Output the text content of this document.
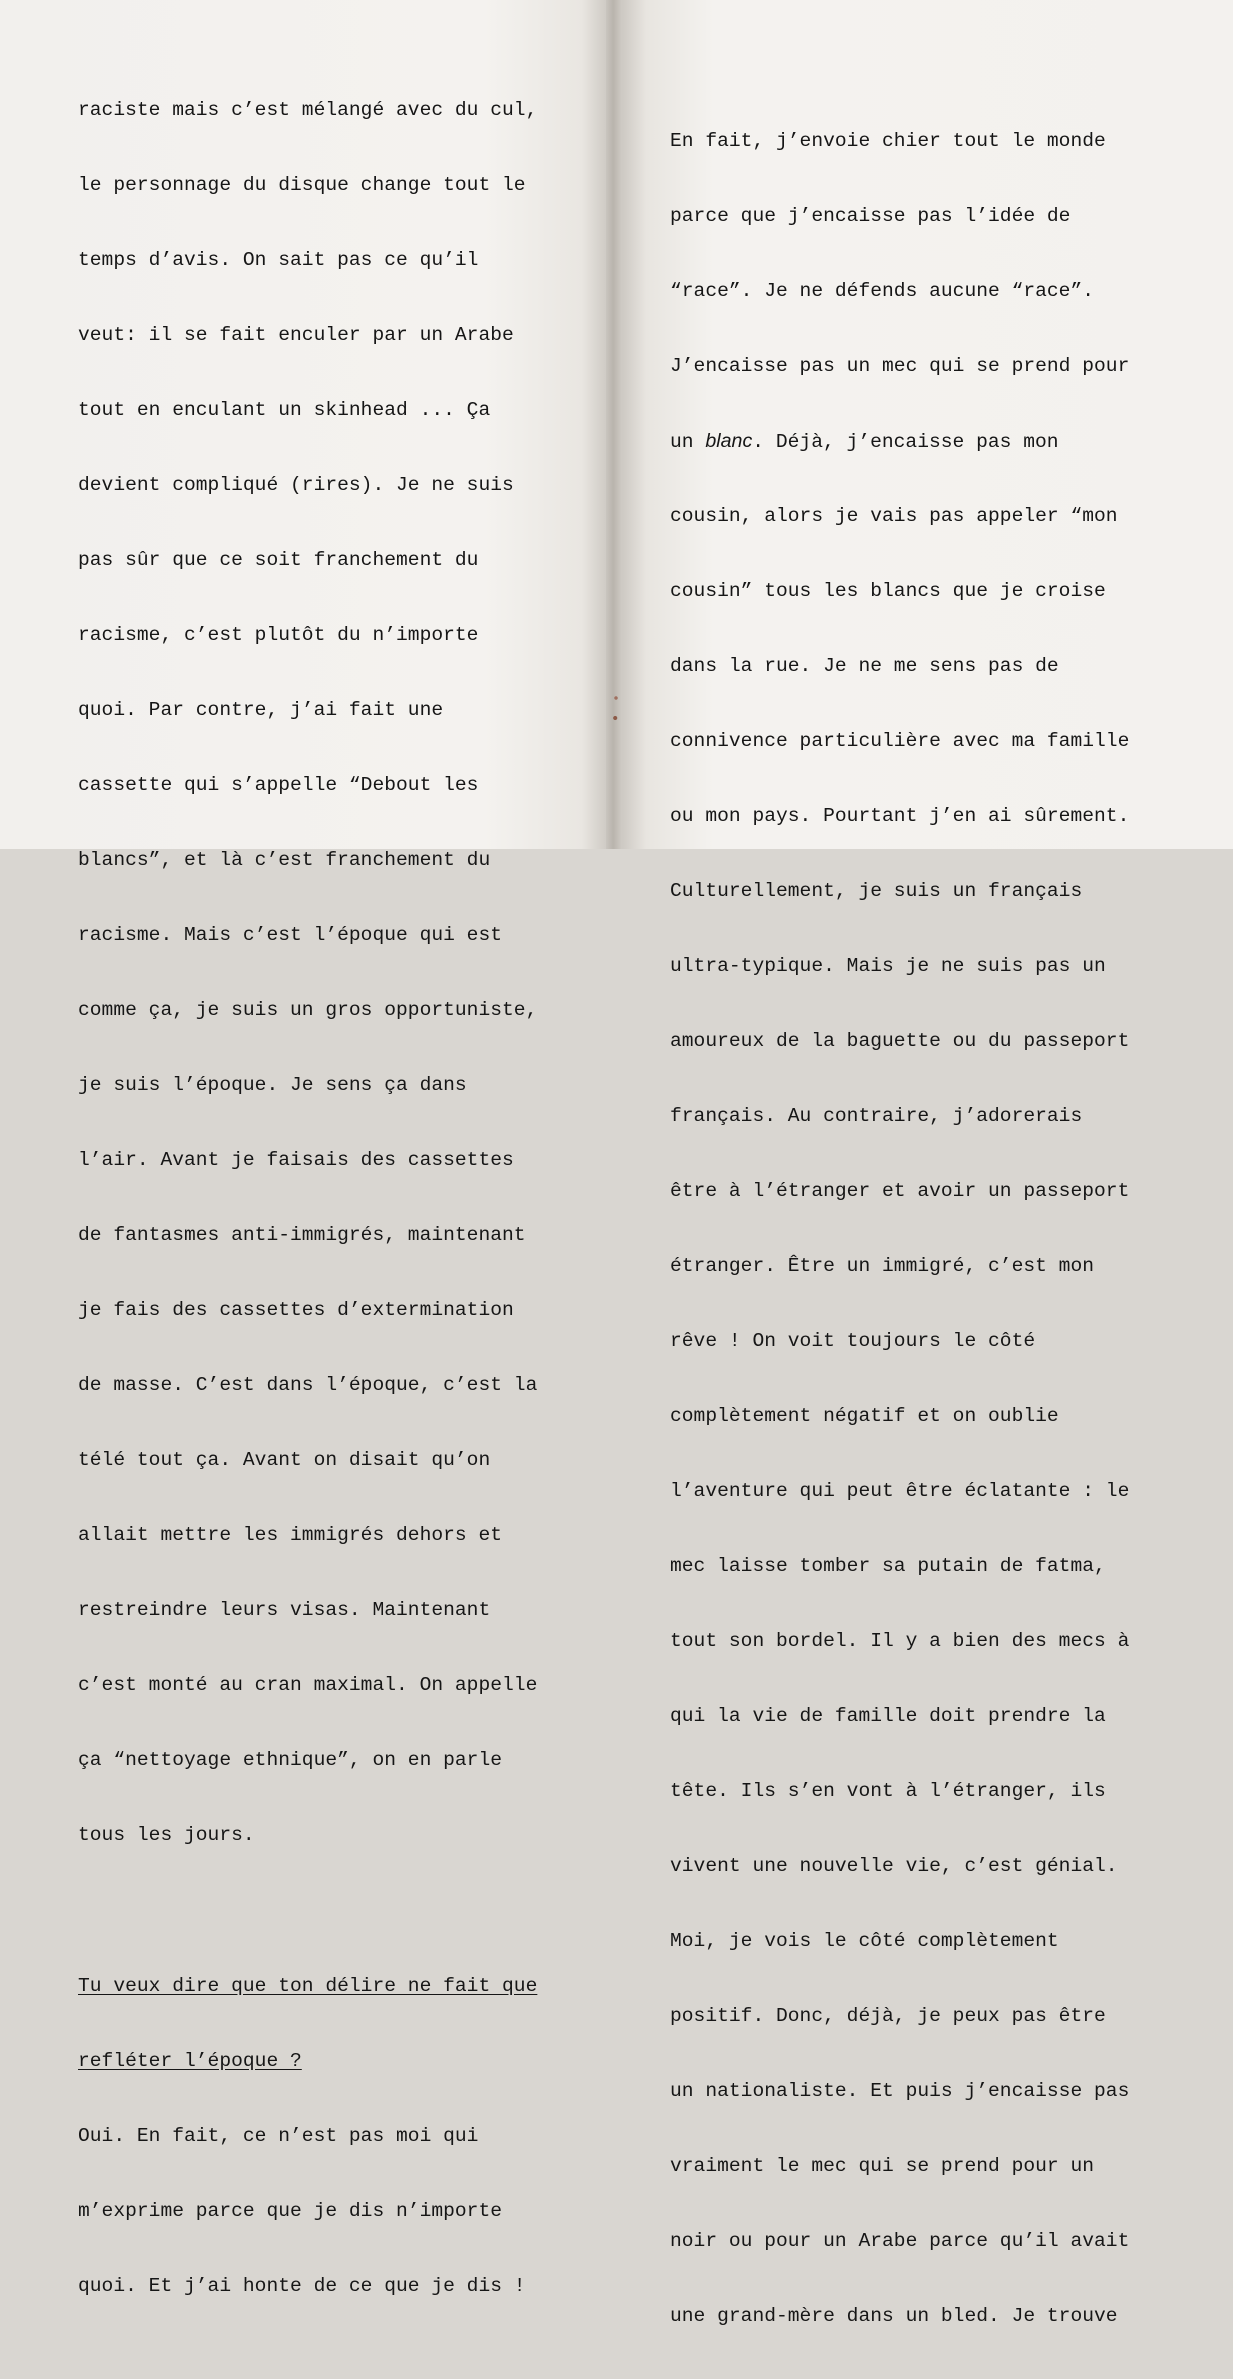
raciste mais c’est mélangé avec du cul,

le personnage du disque change tout le

temps d’avis. On sait pas ce qu’il

veut: il se fait enculer par un Arabe

tout en enculant un skinhead ... Ça

devient compliqué (rires). Je ne suis

pas sûr que ce soit franchement du

racisme, c’est plutôt du n’importe

quoi. Par contre, j’ai fait une

cassette qui s’appelle “Debout les

blancs”, et là c’est franchement du

racisme. Mais c’est l’époque qui est

comme ça, je suis un gros opportuniste,

je suis l’époque. Je sens ça dans

l’air. Avant je faisais des cassettes

de fantasmes anti-immigrés, maintenant

je fais des cassettes d’extermination

de masse. C’est dans l’époque, c’est la

télé tout ça. Avant on disait qu’on

allait mettre les immigrés dehors et

restreindre leurs visas. Maintenant

c’est monté au cran maximal. On appelle

ça “nettoyage ethnique”, on en parle

tous les jours.

Tu veux dire que ton délire ne fait que

refléter l’époque ?

Oui. En fait, ce n’est pas moi qui

m’exprime parce que je dis n’importe

quoi. Et j’ai honte de ce que je dis !

En fait, j’envoie chier tout le monde

parce que j’encaisse pas l’idée de

“race”. Je ne défends aucune “race”.

J’encaisse pas un mec qui se prend pour

un blanc. Déjà, j’encaisse pas mon

cousin, alors je vais pas appeler “mon

cousin” tous les blancs que je croise

dans la rue. Je ne me sens pas de

connivence particulière avec ma famille

ou mon pays. Pourtant j’en ai sûrement.

Culturellement, je suis un français

ultra-typique. Mais je ne suis pas un

amoureux de la baguette ou du passeport

français. Au contraire, j’adorerais

être à l’étranger et avoir un passeport

étranger. Être un immigré, c’est mon

rêve ! On voit toujours le côté

complètement négatif et on oublie

l’aventure qui peut être éclatante : le

mec laisse tomber sa putain de fatma,

tout son bordel. Il y a bien des mecs à

qui la vie de famille doit prendre la

tête. Ils s’en vont à l’étranger, ils

vivent une nouvelle vie, c’est génial.

Moi, je vois le côté complètement

positif. Donc, déjà, je peux pas être

un nationaliste. Et puis j’encaisse pas

vraiment le mec qui se prend pour un

noir ou pour un Arabe parce qu’il avait

une grand-mère dans un bled. Je trouve
